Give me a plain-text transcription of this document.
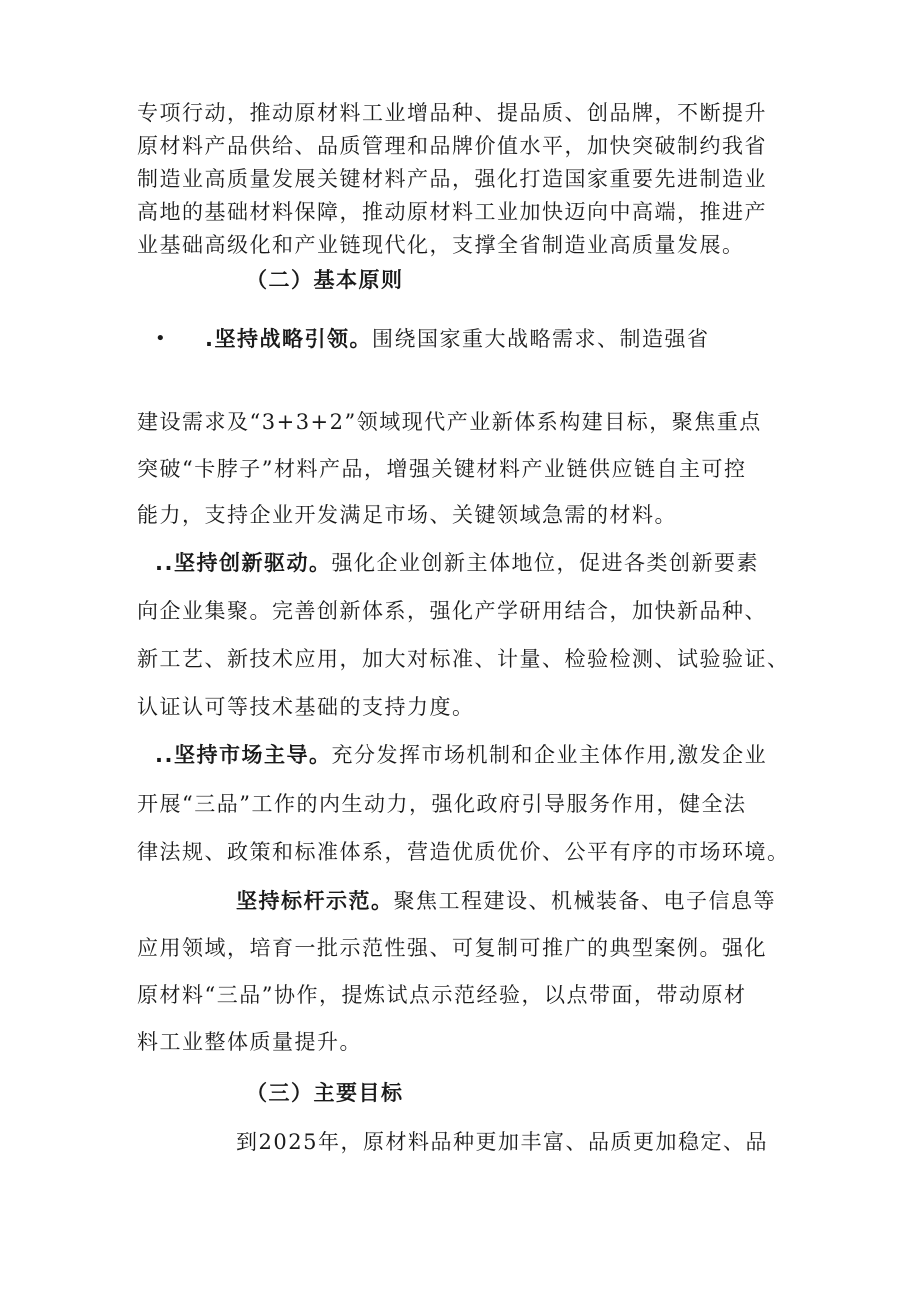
专项行动，推动原材料工业增品种、提品质、创品牌，不断提升
原材料产品供给、品质管理和品牌价值水平，加快突破制约我省
制造业高质量发展关键材料产品，强化打造国家重要先进制造业
高地的基础材料保障，推动原材料工业加快迈向中高端，推进产
业基础高级化和产业链现代化，支撑全省制造业高质量发展。
（二）基本原则
• .坚持战略引领。围绕国家重大战略需求、制造强省
建设需求及“3+3+2”领域现代产业新体系构建目标，聚焦重点
突破“卡脖子”材料产品，增强关键材料产业链供应链自主可控
能力，支持企业开发满足市场、关键领域急需的材料。
..坚持创新驱动。强化企业创新主体地位，促进各类创新要素
向企业集聚。完善创新体系，强化产学研用结合，加快新品种、
新工艺、新技术应用，加大对标准、计量、检验检测、试验验证、
认证认可等技术基础的支持力度。
..坚持市场主导。充分发挥市场机制和企业主体作用,激发企业
开展“三品”工作的内生动力，强化政府引导服务作用，健全法
律法规、政策和标准体系，营造优质优价、公平有序的市场环境。
坚持标杆示范。聚焦工程建设、机械装备、电子信息等
应用领域，培育一批示范性强、可复制可推广的典型案例。强化
原材料“三品”协作，提炼试点示范经验，以点带面，带动原材
料工业整体质量提升。
（三）主要目标
到2025年，原材料品种更加丰富、品质更加稳定、品
